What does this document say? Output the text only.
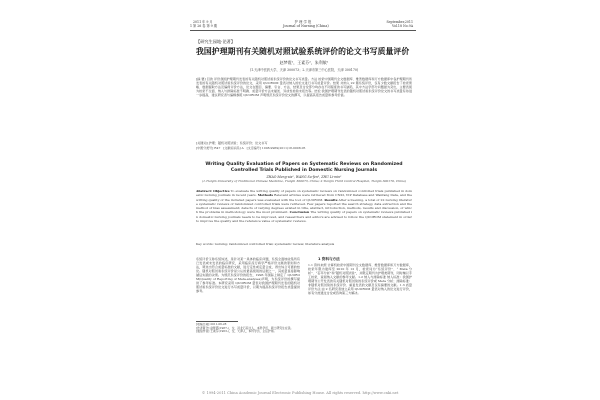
2011 年 9 月
第 26 卷 第 9 期
1
护 理 学 报
Journal of Nursing (China)
September,2011
Vol.18 No.9A
【研究生园地·论著】
我国护理期刊有关随机对照试验系统评价的论文书写质量评价
赵梦霞¹，王素芬²，朱利敏¹
(1.天津中医药大学，天津 300073；2.天津市第三中心医院，天津 300170)
[摘 要] 目的 评价我国护理期刊发表的有关随机对照试验系统评价的论文书写质量。方法 检索中国期刊全文数据库、维普数据库和万方数据库中各护理期刊所发表的有关随机对照试验系统评价的论文，采用 QUOROM 量表对纳入的论文进行书写质量评价。结果 共纳入 22 篇系统评价，仅有少数文献报告了检索策略、数据提取方法及偏倚评价方法，论文在题目、摘要、引言、方法、结果及讨论部分均存在不同程度的书写缺陷，其中方法学部分问题最为突出，主要表现为检索不全面、纳入与排除标准不明确、质量评价方法未描述、异质性检验未报告等。结论 我国护理期刊发表的随机对照试验系统评价论文的书写质量有待进一步提高，建议研究者与编辑参照 QUOROM 声明规范系统评价论文的撰写，以提高其报告质量和参考价值。
[关键词] 护理；随机对照试验；系统评价；论文书写
[中图分类号] R47 [文献标识码] A [文章编号] 1008-9969(2011)18-0008-05
Writing Quality Evaluation of Papers on Systematic Reviews on Randomized Controlled Trials Published in Domestic Nursing Journals
ZHAO Meng-xia¹, WANG Su-fen², ZHU Li-min¹
(1.Tianjin University of Traditional Chinese Medicine, Tianjin 300073, China; 2.Tianjin Third Central Hospital, Tianjin 300170, China)
Abstract: Objective To evaluate the writing quality of papers on systematic reviews on randomized controlled trials published in domestic nursing journals in recent years. Methods Relevant articles were retrieved from CNKI, VIP Database and Wanfang Data, and the writing quality of the included papers was evaluated with the tool of QUOROM. Results After screening, a total of 22 nursing literature systematic reviews of randomized controlled trials were retrieved. Few papers reported the search strategy, data extraction and the method of bias assessment; defects of varying degrees existed in title, abstract, introduction, methods, results and discussion, of which the problems in methodology were the most prominent. Conclusion The writing quality of papers on systematic reviews published in domestic nursing journals needs to be improved, and researchers and editors are advised to follow the QUOROM statement in order to improve the quality and the reference value of systematic reviews.
Key words: nursing; randomized controlled trial; systematic review; literature analysis
系统评价又称系统综述，是针对某一具体的临床问题，系统全面地收集所有已发表或未发表的临床研究，采用临床流行病学严格评价文献的原则和方法，筛选出符合质量标准的文献，进行定性或定量合成，得出综合可靠的结论。随机对照试验系统评价是公认的最高级别的证据之一，其质量直接影响循证实践的决策。为规范系统评价的报告，1996 年国际上制定了 QUOROM(Quality of Reporting of Meta-analyses)声明，为系统评价的撰写提供了参考标准。本研究采用 QUOROM 量表对我国护理期刊发表的随机对照试验系统评价论文进行书写质量评价，以期为提高系统评价报告质量提供参考。
1 资料与方法
1.1 资料来源 计算机检索中国期刊全文数据库、维普数据库和万方数据库，检索年限为建库至 2010 年 12 月，检索词为“系统评价”、“ Meta 分析”、“荟萃分析”和“随机对照试验”，并限定期刊为护理类期刊，同时辅以手工检索，查阅纳入文献的参考文献。1.2 纳入与排除标准 纳入标准：我国护理期刊公开发表的有关随机对照试验的系统评价或 Meta 分析；排除标准：非随机对照试验的系统评价、重复发表的文献及仅有摘要的文献。1.3 质量评价方法 由 2 名研究者独立采用 QUOROM 量表对纳入的论文进行评价，如有分歧通过讨论或咨询第三方解决。
[收稿日期] 2011-06-28
[作者简介] 赵梦霞(1987-)，女，河北石家庄人，本科学历，硕士研究生在读。
[通信作者] 王素芬(1963-)，女，天津人，本科学历，主任护师。
© 1994-2011 China Academic Journal Electronic Publishing House. All rights reserved. http://www.cnki.net
